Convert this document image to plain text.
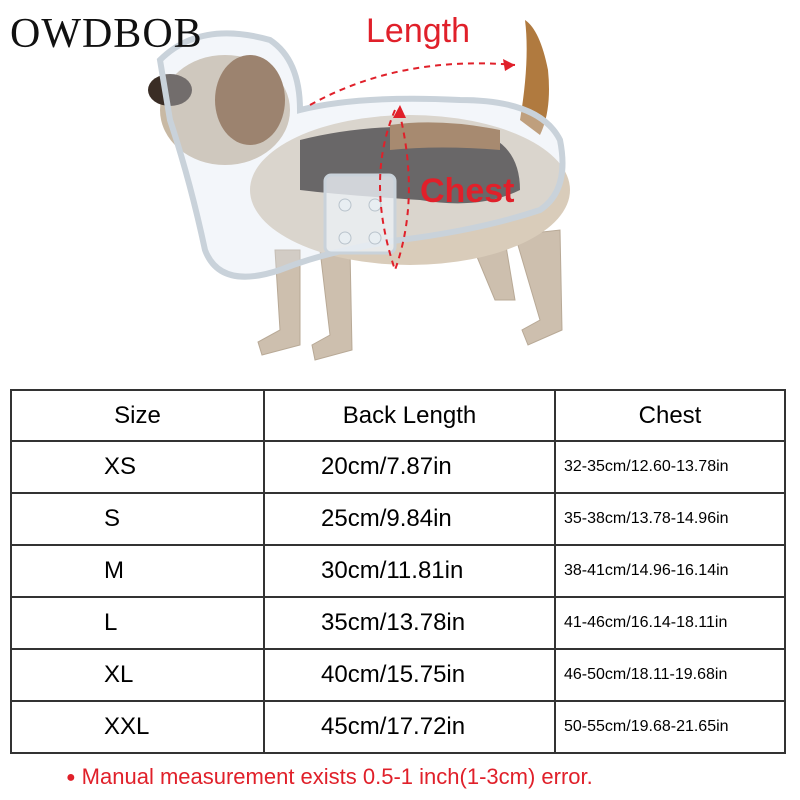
OWDBOB	Length
Chest
Size	Back Length	Chest
XS	20cm/7.87in	32-35cm/12.60-13.78in
S	25cm/9.84in	35-38cm/13.78-14.96in
M	30cm/11.81in	38-41cm/14.96-16.14in
L	35cm/13.78in	41-46cm/16.14-18.11in
XL	40cm/15.75in	46-50cm/18.11-19.68in
XXL	45cm/17.72in	50-55cm/19.68-21.65in
● Manual measurement exists 0.5-1 inch(1-3cm) error.
